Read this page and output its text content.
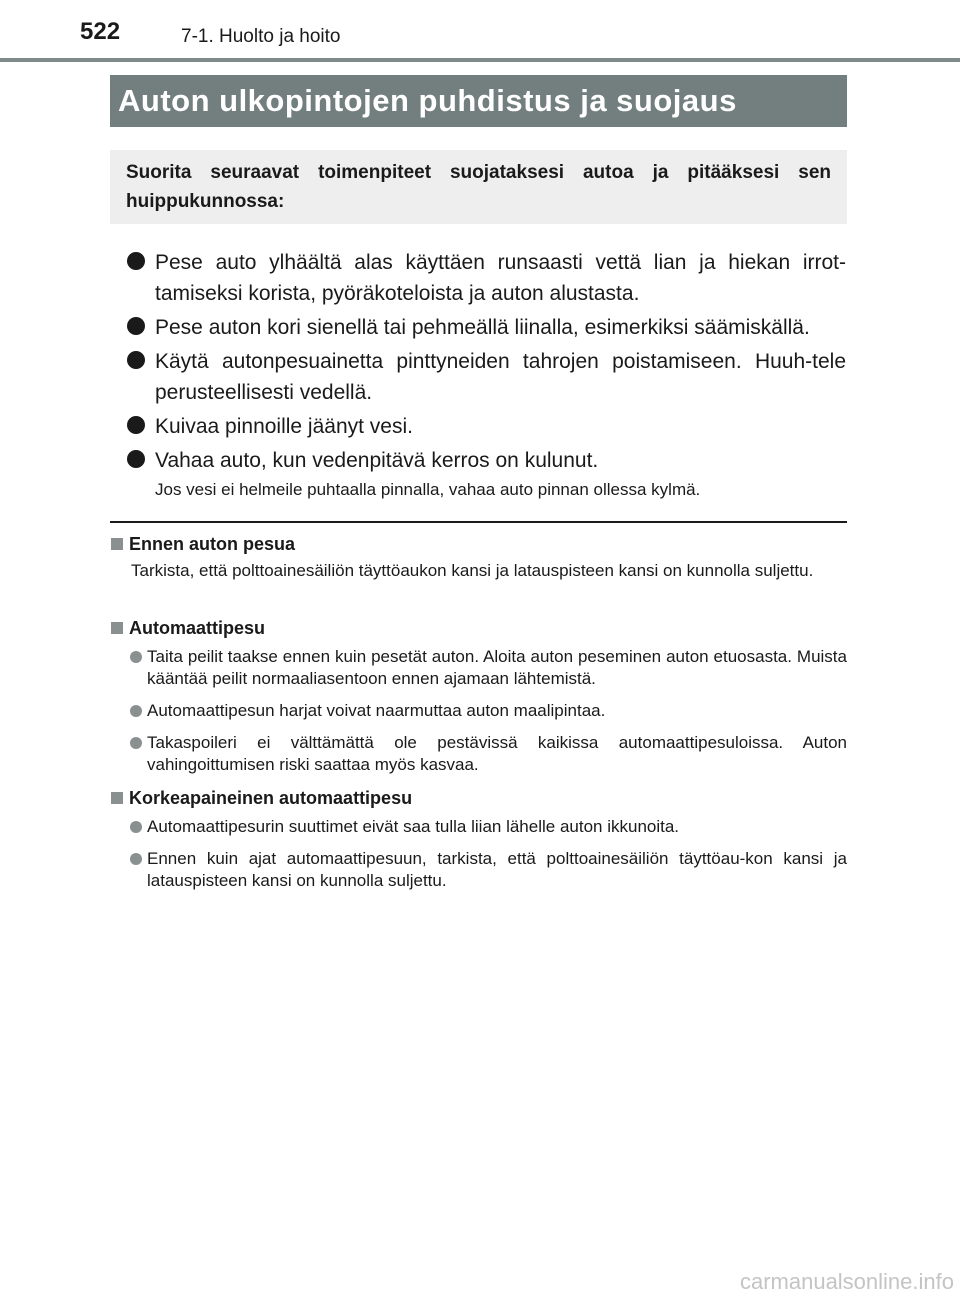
522	7-1. Huolto ja hoito
Auton ulkopintojen puhdistus ja suojaus

Suorita seuraavat toimenpiteet suojataksesi autoa ja pitääksesi sen huippukunnossa:

Pese auto ylhäältä alas käyttäen runsaasti vettä lian ja hiekan irrot-tamiseksi korista, pyöräkoteloista ja auton alustasta.
Pese auton kori sienellä tai pehmeällä liinalla, esimerkiksi säämiskällä.
Käytä autonpesuainetta pinttyneiden tahrojen poistamiseen. Huuh-tele perusteellisesti vedellä.
Kuivaa pinnoille jäänyt vesi.
Vahaa auto, kun vedenpitävä kerros on kulunut.

Jos vesi ei helmeile puhtaalla pinnalla, vahaa auto pinnan ollessa kylmä.

Ennen auton pesua

Tarkista, että polttoainesäiliön täyttöaukon kansi ja latauspisteen kansi on kunnolla suljettu.

Automaattipesu

Taita peilit taakse ennen kuin pesetät auton. Aloita auton peseminen auton etuosasta. Muista kääntää peilit normaaliasentoon ennen ajamaan lähtemistä.
Automaattipesun harjat voivat naarmuttaa auton maalipintaa.
Takaspoileri ei välttämättä ole pestävissä kaikissa automaattipesuloissa. Auton vahingoittumisen riski saattaa myös kasvaa.

Korkeapaineinen automaattipesu

Automaattipesurin suuttimet eivät saa tulla liian lähelle auton ikkunoita.
Ennen kuin ajat automaattipesuun, tarkista, että polttoainesäiliön täyttöau-kon kansi ja latauspisteen kansi on kunnolla suljettu.
carmanualsonline.info
